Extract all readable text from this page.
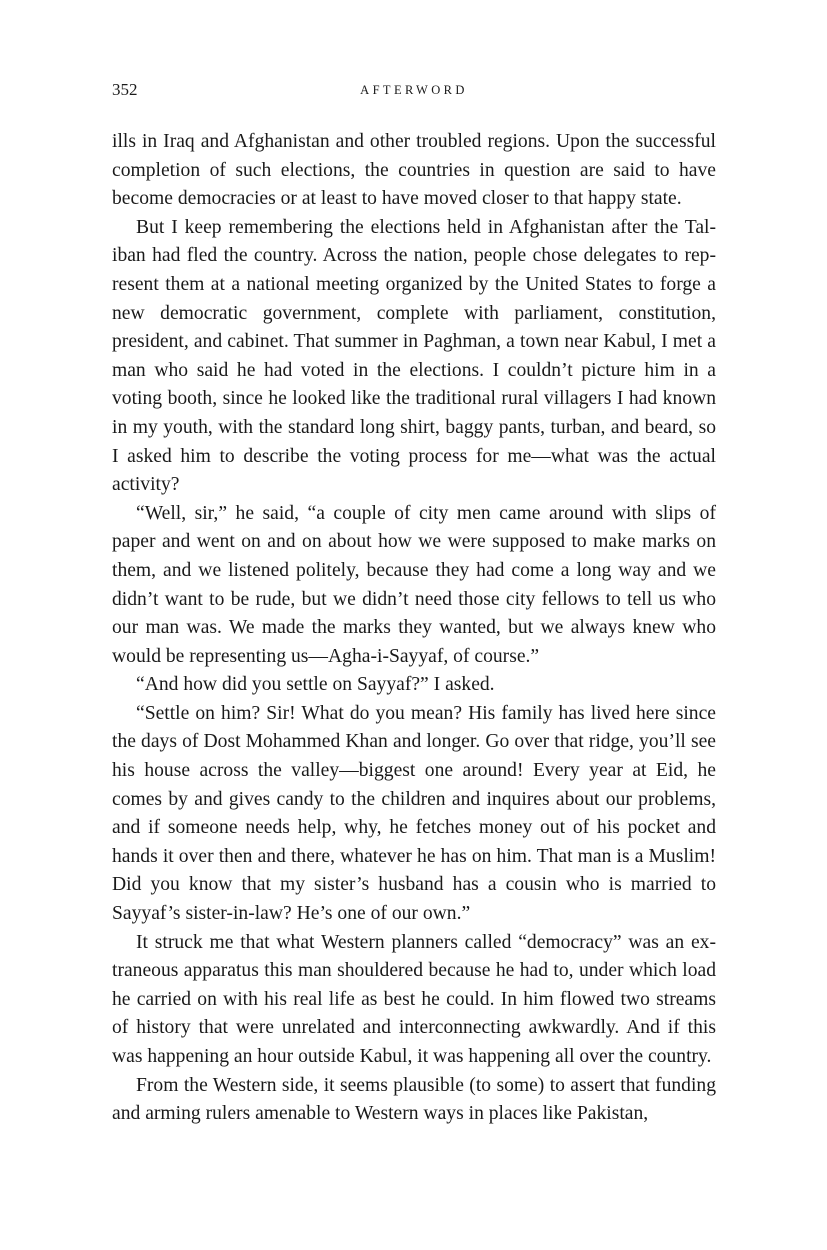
352	AFTERWORD

ills in Iraq and Afghanistan and other troubled regions. Upon the successful completion of such elections, the countries in question are said to have become democracies or at least to have moved closer to that happy state.

But I keep remembering the elections held in Afghanistan after the Taliban had fled the country. Across the nation, people chose delegates to represent them at a national meeting organized by the United States to forge a new democratic government, complete with parliament, constitution, president, and cabinet. That summer in Paghman, a town near Kabul, I met a man who said he had voted in the elections. I couldn’t picture him in a voting booth, since he looked like the traditional rural villagers I had known in my youth, with the standard long shirt, baggy pants, turban, and beard, so I asked him to describe the voting process for me—what was the actual activity?

“Well, sir,” he said, “a couple of city men came around with slips of paper and went on and on about how we were supposed to make marks on them, and we listened politely, because they had come a long way and we didn’t want to be rude, but we didn’t need those city fellows to tell us who our man was. We made the marks they wanted, but we always knew who would be representing us—Agha-i-Sayyaf, of course.”

“And how did you settle on Sayyaf?” I asked.

“Settle on him? Sir! What do you mean? His family has lived here since the days of Dost Mohammed Khan and longer. Go over that ridge, you’ll see his house across the valley—biggest one around! Every year at Eid, he comes by and gives candy to the children and inquires about our problems, and if someone needs help, why, he fetches money out of his pocket and hands it over then and there, whatever he has on him. That man is a Muslim! Did you know that my sister’s husband has a cousin who is married to Sayyaf’s sister-in-law? He’s one of our own.”

It struck me that what Western planners called “democracy” was an extraneous apparatus this man shouldered because he had to, under which load he carried on with his real life as best he could. In him flowed two streams of history that were unrelated and interconnecting awkwardly. And if this was happening an hour outside Kabul, it was happening all over the country.

From the Western side, it seems plausible (to some) to assert that funding and arming rulers amenable to Western ways in places like Pakistan,
